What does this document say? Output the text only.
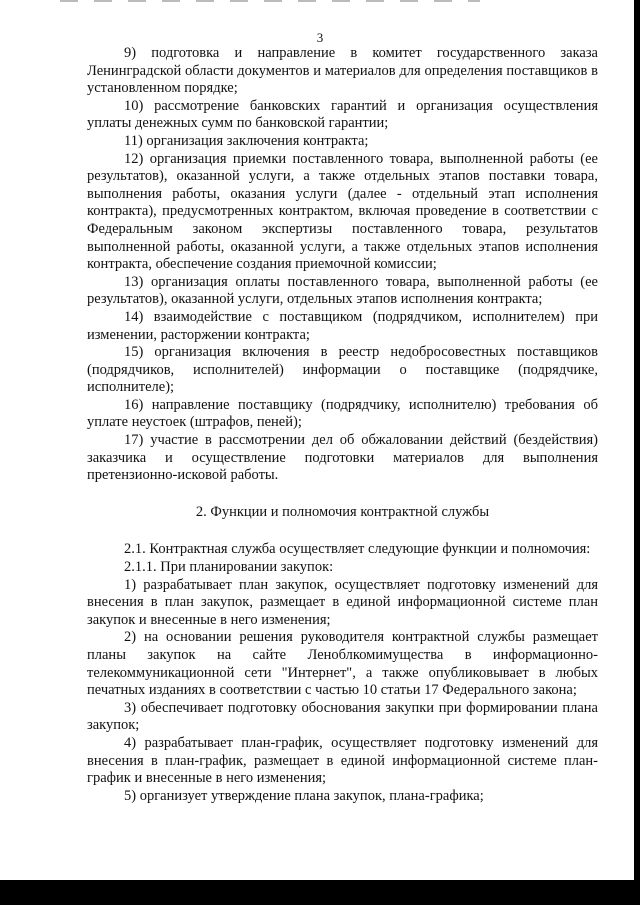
3

9) подготовка и направление в комитет государственного заказа Ленинградской области документов и материалов для определения поставщиков в установленном порядке;

10) рассмотрение банковских гарантий и организация осуществления уплаты денежных сумм по банковской гарантии;

11) организация заключения контракта;

12) организация приемки поставленного товара, выполненной работы (ее результатов), оказанной услуги, а также отдельных этапов поставки товара, выполнения работы, оказания услуги (далее - отдельный этап исполнения контракта), предусмотренных контрактом, включая проведение в соответствии с Федеральным законом экспертизы поставленного товара, результатов выполненной работы, оказанной услуги, а также отдельных этапов исполнения контракта, обеспечение создания приемочной комиссии;

13) организация оплаты поставленного товара, выполненной работы (ее результатов), оказанной услуги, отдельных этапов исполнения контракта;

14) взаимодействие с поставщиком (подрядчиком, исполнителем) при изменении, расторжении контракта;

15) организация включения в реестр недобросовестных поставщиков (подрядчиков, исполнителей) информации о поставщике (подрядчике, исполнителе);

16) направление поставщику (подрядчику, исполнителю) требования об уплате неустоек (штрафов, пеней);

17) участие в рассмотрении дел об обжаловании действий (бездействия) заказчика и осуществление подготовки материалов для выполнения претензионно-исковой работы.

2. Функции и полномочия контрактной службы

2.1. Контрактная служба осуществляет следующие функции и полномочия:

2.1.1. При планировании закупок:

1) разрабатывает план закупок, осуществляет подготовку изменений для внесения в план закупок, размещает в единой информационной системе план закупок и внесенные в него изменения;

2) на основании решения руководителя контрактной службы размещает планы закупок на сайте Леноблкомимущества в информационно-телекоммуникационной сети "Интернет", а также опубликовывает в любых печатных изданиях в соответствии с частью 10 статьи 17 Федерального закона;

3) обеспечивает подготовку обоснования закупки при формировании плана закупок;

4) разрабатывает план-график, осуществляет подготовку изменений для внесения в план-график, размещает в единой информационной системе план-график и внесенные в него изменения;

5) организует утверждение плана закупок, плана-графика;
